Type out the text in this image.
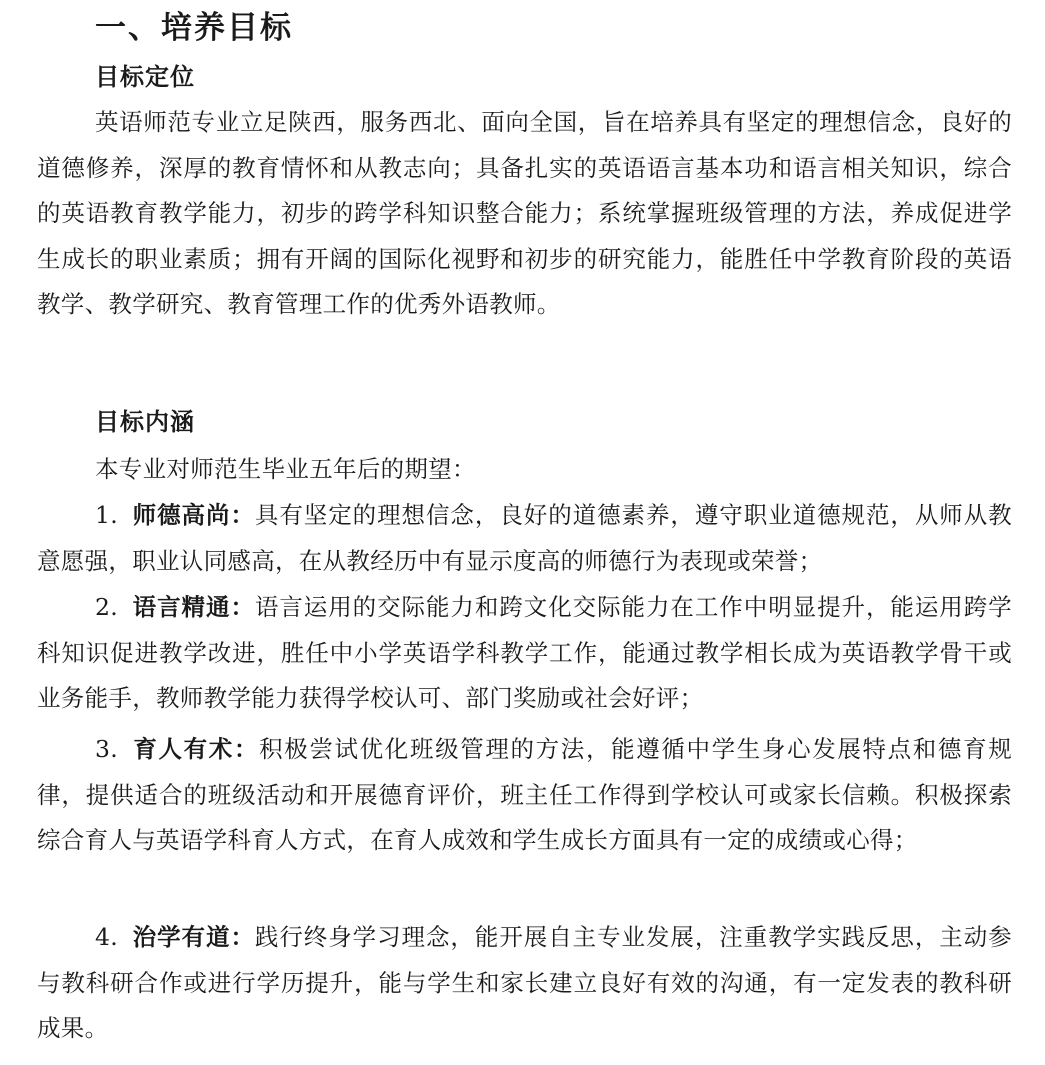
一、培养目标
目标定位
英语师范专业立足陕西，服务西北、面向全国，旨在培养具有坚定的理想信念，良好的道德修养，深厚的教育情怀和从教志向；具备扎实的英语语言基本功和语言相关知识，综合的英语教育教学能力，初步的跨学科知识整合能力；系统掌握班级管理的方法，养成促进学生成长的职业素质；拥有开阔的国际化视野和初步的研究能力，能胜任中学教育阶段的英语教学、教学研究、教育管理工作的优秀外语教师。
目标内涵
本专业对师范生毕业五年后的期望：
1. 师德高尚：具有坚定的理想信念，良好的道德素养，遵守职业道德规范，从师从教意愿强，职业认同感高，在从教经历中有显示度高的师德行为表现或荣誉；
2. 语言精通：语言运用的交际能力和跨文化交际能力在工作中明显提升，能运用跨学科知识促进教学改进，胜任中小学英语学科教学工作，能通过教学相长成为英语教学骨干或业务能手，教师教学能力获得学校认可、部门奖励或社会好评；
3. 育人有术：积极尝试优化班级管理的方法，能遵循中学生身心发展特点和德育规律，提供适合的班级活动和开展德育评价，班主任工作得到学校认可或家长信赖。积极探索综合育人与英语学科育人方式，在育人成效和学生成长方面具有一定的成绩或心得；
4. 治学有道：践行终身学习理念，能开展自主专业发展，注重教学实践反思，主动参与教科研合作或进行学历提升，能与学生和家长建立良好有效的沟通，有一定发表的教科研成果。
